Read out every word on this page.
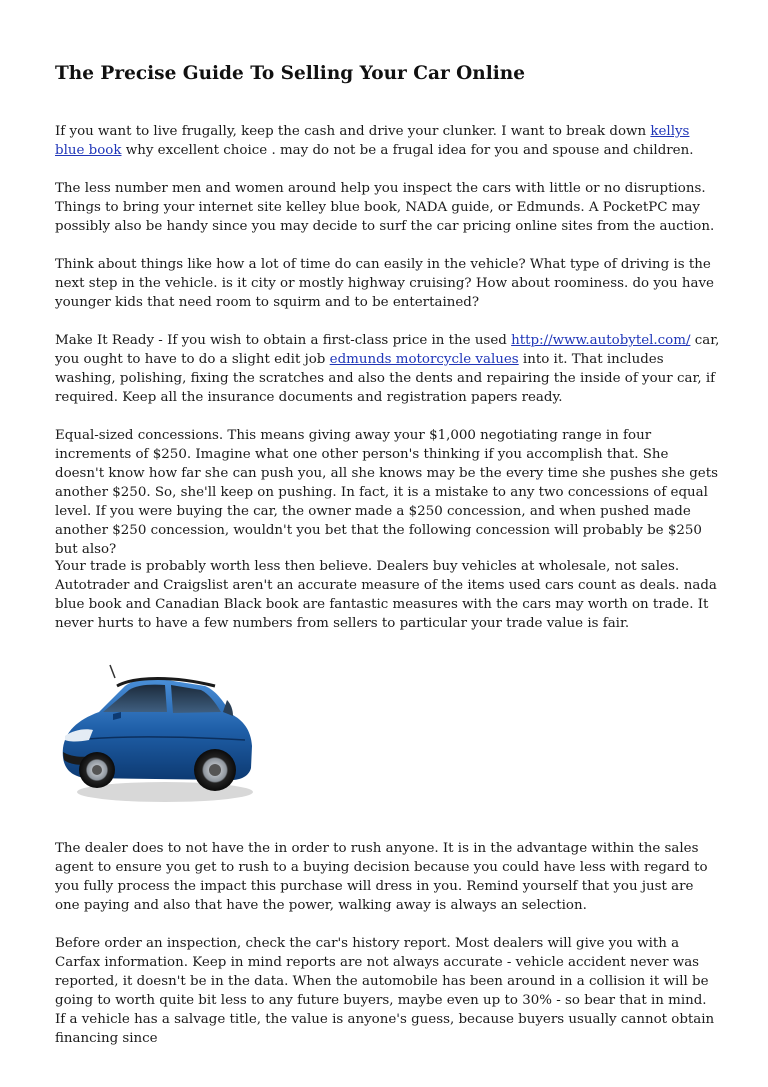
The Precise Guide To Selling Your Car Online

If you want to live frugally, keep the cash and drive your clunker. I want to break down kellys blue book why excellent choice . may do not be a frugal idea for you and spouse and children.

The less number men and women around help you inspect the cars with little or no disruptions. Things to bring your internet site kelley blue book, NADA guide, or Edmunds. A PocketPC may possibly also be handy since you may decide to surf the car pricing online sites from the auction.

Think about things like how a lot of time do can easily in the vehicle? What type of driving is the next step in the vehicle. is it city or mostly highway cruising? How about roominess. do you have younger kids that need room to squirm and to be entertained?

Make It Ready - If you wish to obtain a first-class price in the used http://www.autobytel.com/ car, you ought to have to do a slight edit job edmunds motorcycle values into it. That includes washing, polishing, fixing the scratches and also the dents and repairing the inside of your car, if required. Keep all the insurance documents and registration papers ready.

Equal-sized concessions. This means giving away your $1,000 negotiating range in four increments of $250. Imagine what one other person's thinking if you accomplish that. She doesn't know how far she can push you, all she knows may be the every time she pushes she gets another $250. So, she'll keep on pushing. In fact, it is a mistake to any two concessions of equal level. If you were buying the car, the owner made a $250 concession, and when pushed made another $250 concession, wouldn't you bet that the following concession will probably be $250 but also?

Your trade is probably worth less then believe. Dealers buy vehicles at wholesale, not sales. Autotrader and Craigslist aren't an accurate measure of the items used cars count as deals. nada blue book and Canadian Black book are fantastic measures with the cars may worth on trade. It never hurts to have a few numbers from sellers to particular your trade value is fair.

The dealer does to not have the in order to rush anyone. It is in the advantage within the sales agent to ensure you get to rush to a buying decision because you could have less with regard to you fully process the impact this purchase will dress in you. Remind yourself that you just are one paying and also that have the power, walking away is always an selection.

Before order an inspection, check the car's history report. Most dealers will give you with a Carfax information. Keep in mind reports are not always accurate - vehicle accident never was reported, it doesn't be in the data. When the automobile has been around in a collision it will be going to worth quite bit less to any future buyers, maybe even up to 30% - so bear that in mind. If a vehicle has a salvage title, the value is anyone's guess, because buyers usually cannot obtain financing since
